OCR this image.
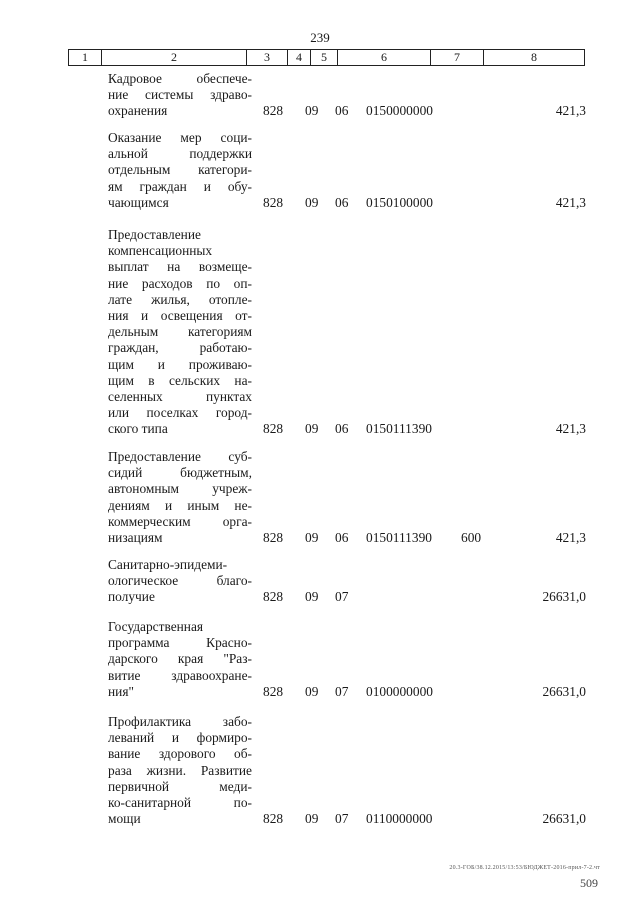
239
1	2	3	4	5	6	7	8
Кадровое обеспече-
ние системы здраво-
охранения	828 09 06 0150000000	421,3
Оказание мер соци-
альной поддержки
отдельным категори-
ям граждан и обу-
чающимся	828 09 06 0150100000	421,3
Предоставление
компенсационных
выплат на возмеще-
ние расходов по оп-
лате жилья, отопле-
ния и освещения от-
дельным категориям
граждан, работаю-
щим и проживаю-
щим в сельских на-
селенных пунктах
или поселках город-
ского типа	828 09 06 0150111390	421,3
Предоставление суб-
сидий бюджетным,
автономным учреж-
дениям и иным не-
коммерческим орга-
низациям	828 09 06 0150111390 600	421,3
Санитарно-эпидеми-
ологическое благо-
получие	828 09 07	26631,0
Государственная
программа Красно-
дарского края "Раз-
витие здравоохране-
ния"	828 09 07 0100000000	26631,0
Профилактика забо-
леваний и формиро-
вание здорового об-
раза жизни. Развитие
первичной меди-
ко-санитарной по-
мощи	828 09 07 0110000000	26631,0
20.3-ГОБ/38.12.2015/13:53/БЮДЖЕТ-2016-прил-7-2.чт
509
